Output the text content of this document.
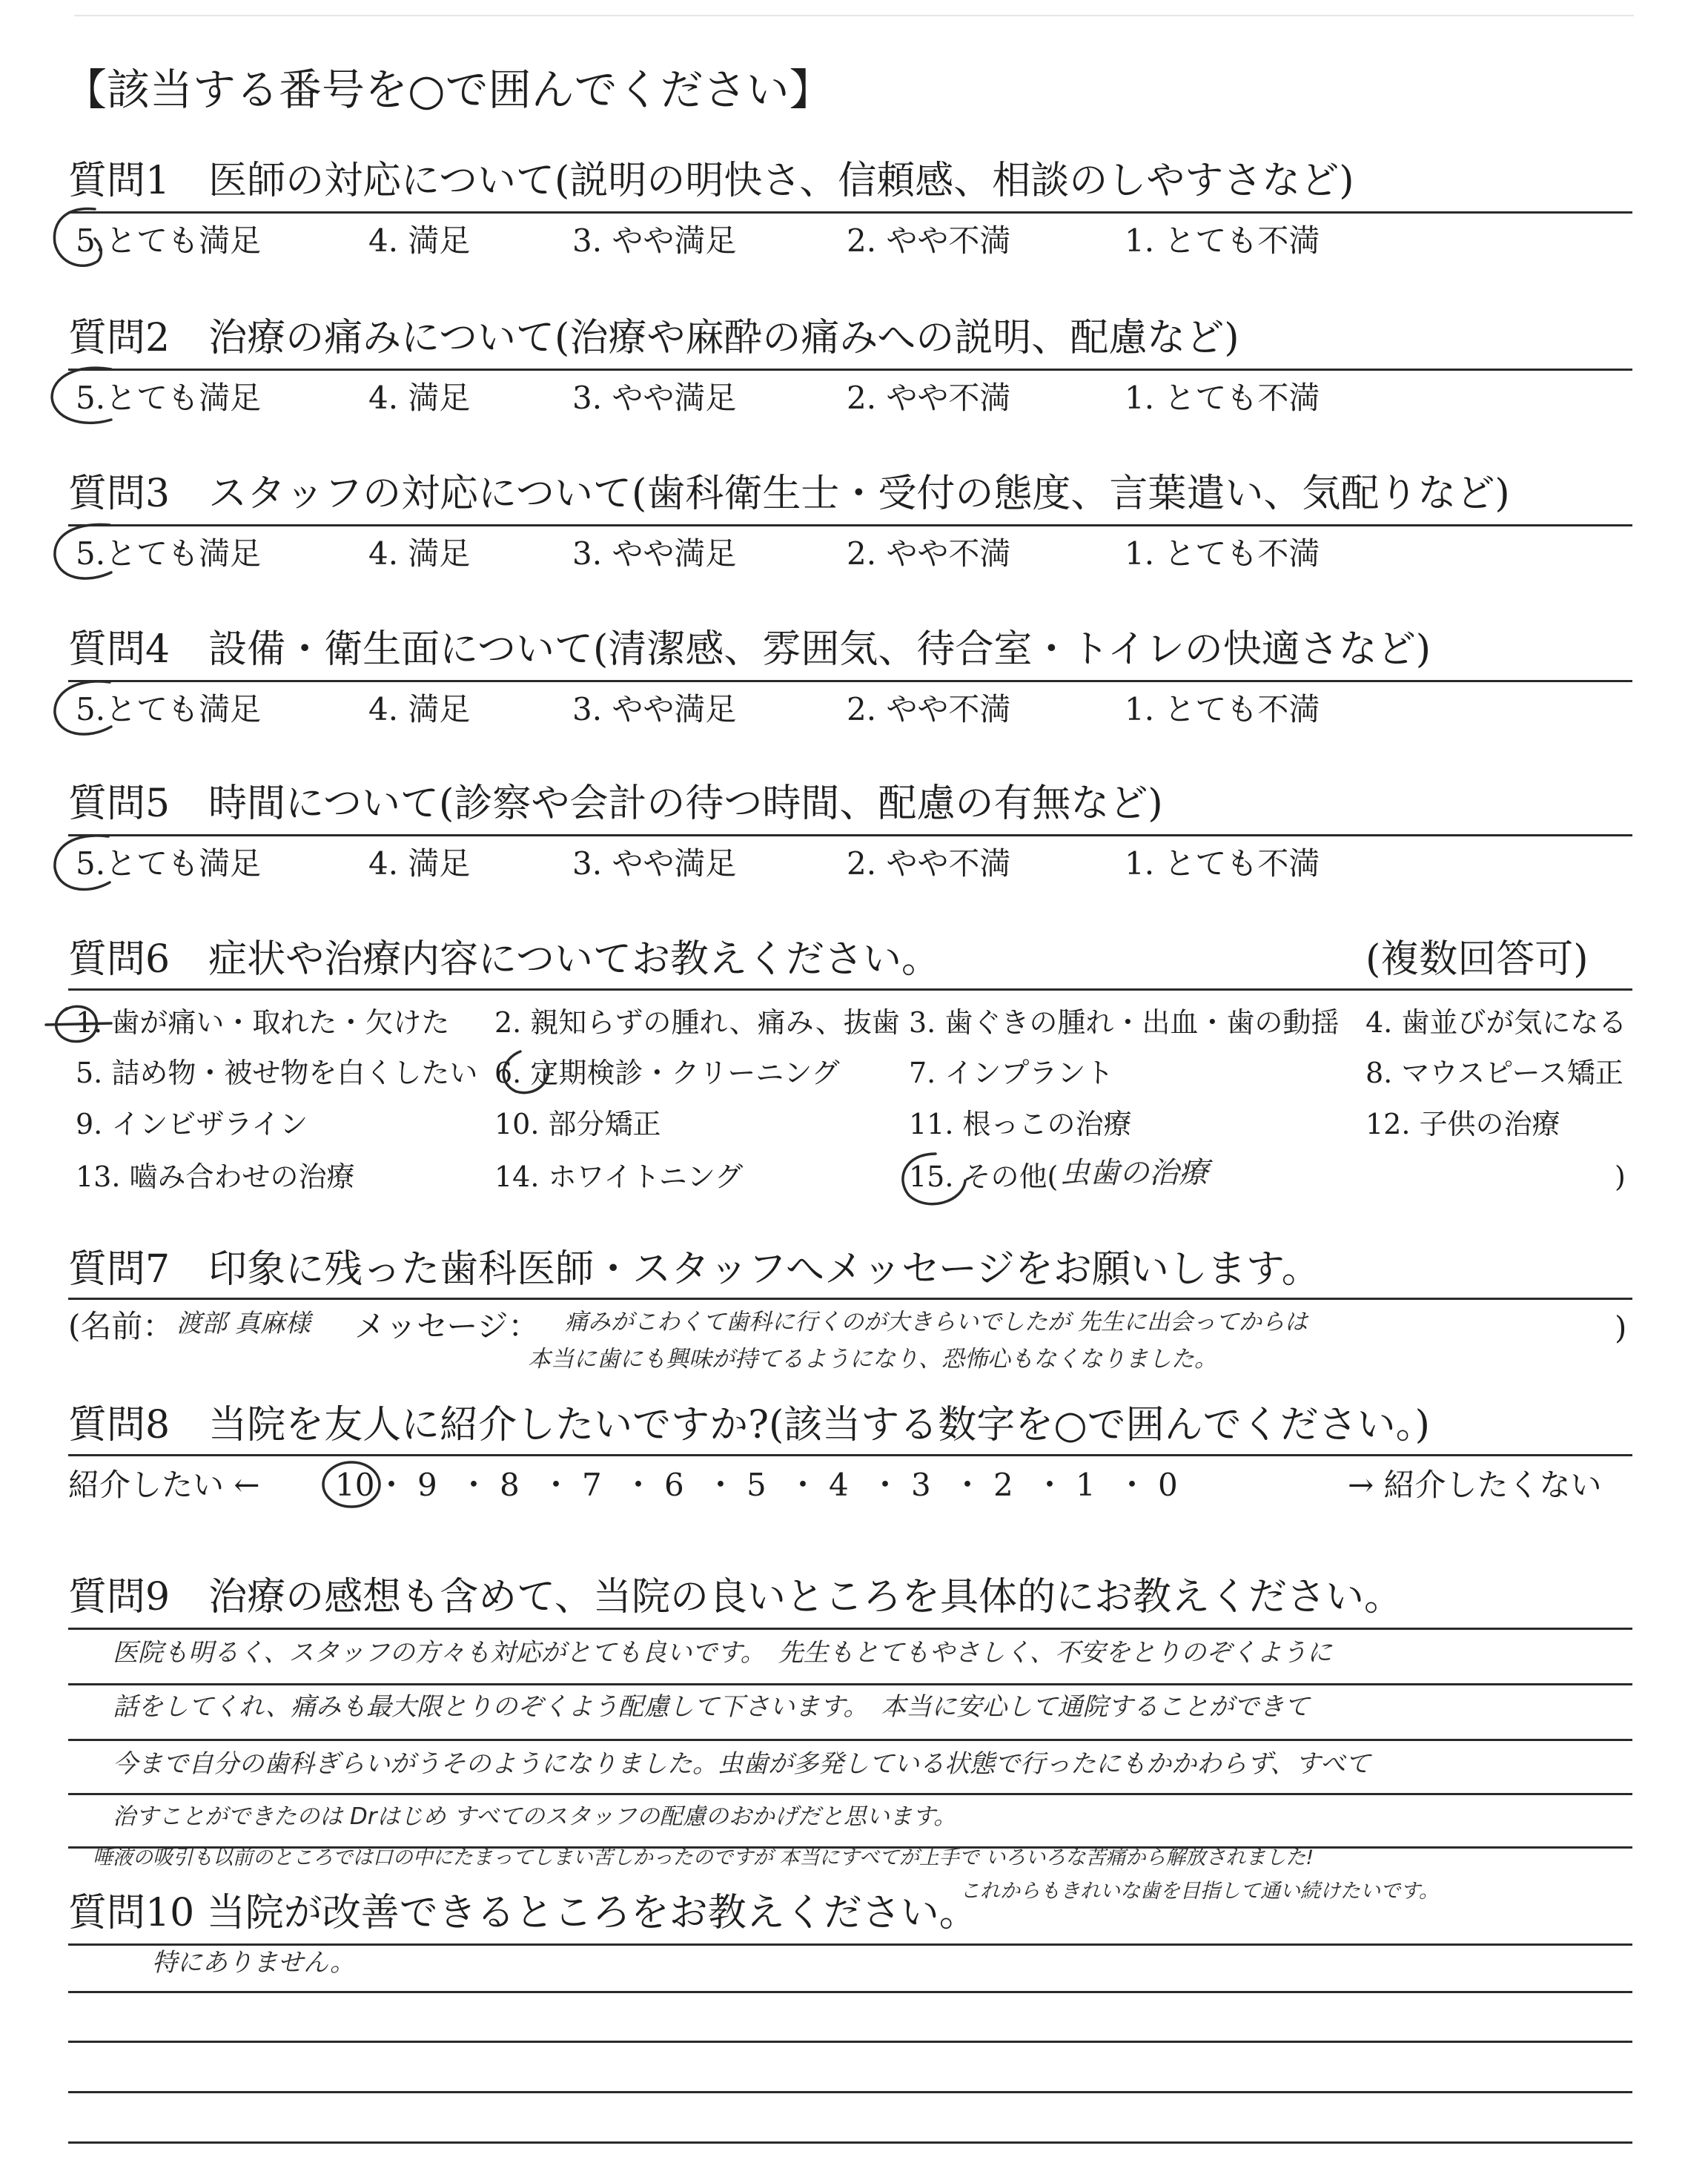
【該当する番号を○で囲んでください】
質問1　医師の対応について(説明の明快さ、信頼感、相談のしやすさなど)
5.とても満足	4. 満足	3. やや満足	2. やや不満	1. とても不満
質問2　治療の痛みについて(治療や麻酔の痛みへの説明、配慮など)
5.とても満足	4. 満足	3. やや満足	2. やや不満	1. とても不満
質問3　スタッフの対応について(歯科衛生士・受付の態度、言葉遣い、気配りなど)
5.とても満足	4. 満足	3. やや満足	2. やや不満	1. とても不満
質問4　設備・衛生面について(清潔感、雰囲気、待合室・トイレの快適さなど)
5.とても満足	4. 満足	3. やや満足	2. やや不満	1. とても不満
質問5　時間について(診察や会計の待つ時間、配慮の有無など)
5.とても満足	4. 満足	3. やや満足	2. やや不満	1. とても不満
質問6　症状や治療内容についてお教えください。	(複数回答可)
1. 歯が痛い・取れた・欠けた 2. 親知らずの腫れ、痛み、抜歯 3. 歯ぐきの腫れ・出血・歯の動揺 4. 歯並びが気になる
5. 詰め物・被せ物を白くしたい 6. 定期検診・クリーニング 7. インプラント	8. マウスピース矯正
9. インビザライン	10. 部分矯正	11. 根っこの治療	12. 子供の治療
13. 嚙み合わせの治療	14. ホワイトニング	15. その他( 虫歯の治療	)
質問7　印象に残った歯科医師・スタッフへメッセージをお願いします。
(名前： 渡部 真麻様 メッセージ： 痛みがこわくて歯科に行くのが大きらいでしたが 先生に出会ってからは
本当に歯にも興味が持てるようになり、恐怖心もなくなりました。
)
質問8　当院を友人に紹介したいですか?(該当する数字を○で囲んでください。)
紹介したい ← 10 ・ 9 ・ 8 ・ 7 ・ 6 ・ 5 ・ 4 ・ 3 ・ 2 ・ 1 ・ 0	→ 紹介したくない
質問9　治療の感想も含めて、当院の良いところを具体的にお教えください。
医院も明るく、スタッフの方々も対応がとても良いです。　先生もとてもやさしく、不安をとりのぞくように
話をしてくれ、痛みも最大限とりのぞくよう配慮して下さいます。　本当に安心して通院することができて
今まで自分の歯科ぎらいがうそのようになりました。虫歯が多発している状態で行ったにもかかわらず、すべて
治すことができたのは Drはじめ すべてのスタッフの配慮のおかげだと思います。
唾液の吸引も以前のところでは口の中にたまってしまい苦しかったのですが 本当にすべてが上手で いろいろな苦痛から解放されました!
これからもきれいな歯を目指して通い続けたいです。
質問10 当院が改善できるところをお教えください。
特にありません。
